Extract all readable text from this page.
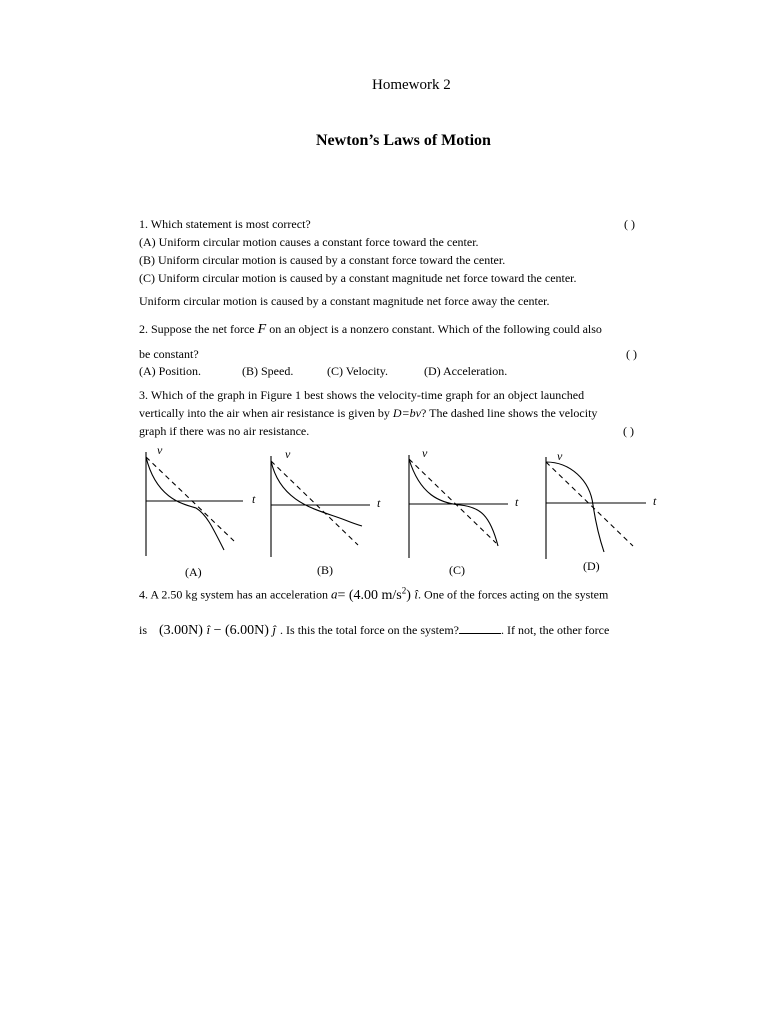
Homework 2
Newton’s Laws of Motion
1. Which statement is most correct?	( )
(A) Uniform circular motion causes a constant force toward the center.
(B) Uniform circular motion is caused by a constant force toward the center.
(C) Uniform circular motion is caused by a constant magnitude net force toward the center.
Uniform circular motion is caused by a constant magnitude net force away the center.
2. Suppose the net force F on an object is a nonzero constant. Which of the following could also
be constant?	( )
(A) Position.	(B) Speed.	(C) Velocity.	(D) Acceleration.
3. Which of the graph in Figure 1 best shows the velocity-time graph for an object launched
vertically into the air when air resistance is given by D=bv? The dashed line shows the velocity
graph if there was no air resistance.	( )
v
t
v
t
v
t
v
t
(A)	(B)	(C)	(D)
4. A 2.50 kg system has an acceleration a= (4.00 $m/s^2$) î. One of the forces acting on the system
is (3.00N) î − (6.00N) ĵ . Is this the total force on the system?	. If not, the other force
